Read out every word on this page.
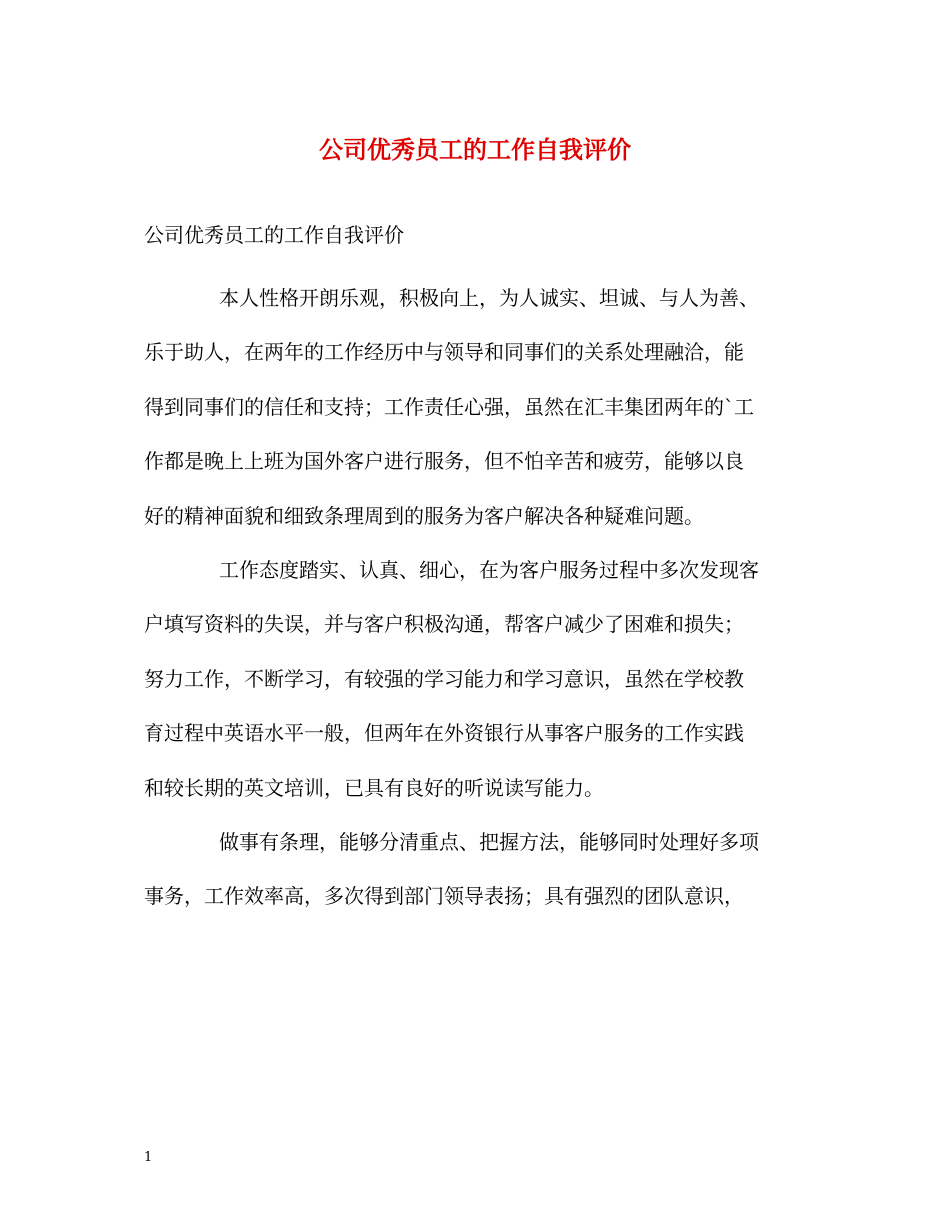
公司优秀员工的工作自我评价

公司优秀员工的工作自我评价

本人性格开朗乐观，积极向上，为人诚实、坦诚、与人为善、

乐于助人，在两年的工作经历中与领导和同事们的关系处理融洽，能

得到同事们的信任和支持；工作责任心强，虽然在汇丰集团两年的`工

作都是晚上上班为国外客户进行服务，但不怕辛苦和疲劳，能够以良

好的精神面貌和细致条理周到的服务为客户解决各种疑难问题。

工作态度踏实、认真、细心，在为客户服务过程中多次发现客

户填写资料的失误，并与客户积极沟通，帮客户减少了困难和损失；

努力工作，不断学习，有较强的学习能力和学习意识，虽然在学校教

育过程中英语水平一般，但两年在外资银行从事客户服务的工作实践

和较长期的英文培训，已具有良好的听说读写能力。

做事有条理，能够分清重点、把握方法，能够同时处理好多项

事务，工作效率高，多次得到部门领导表扬；具有强烈的团队意识，

1
